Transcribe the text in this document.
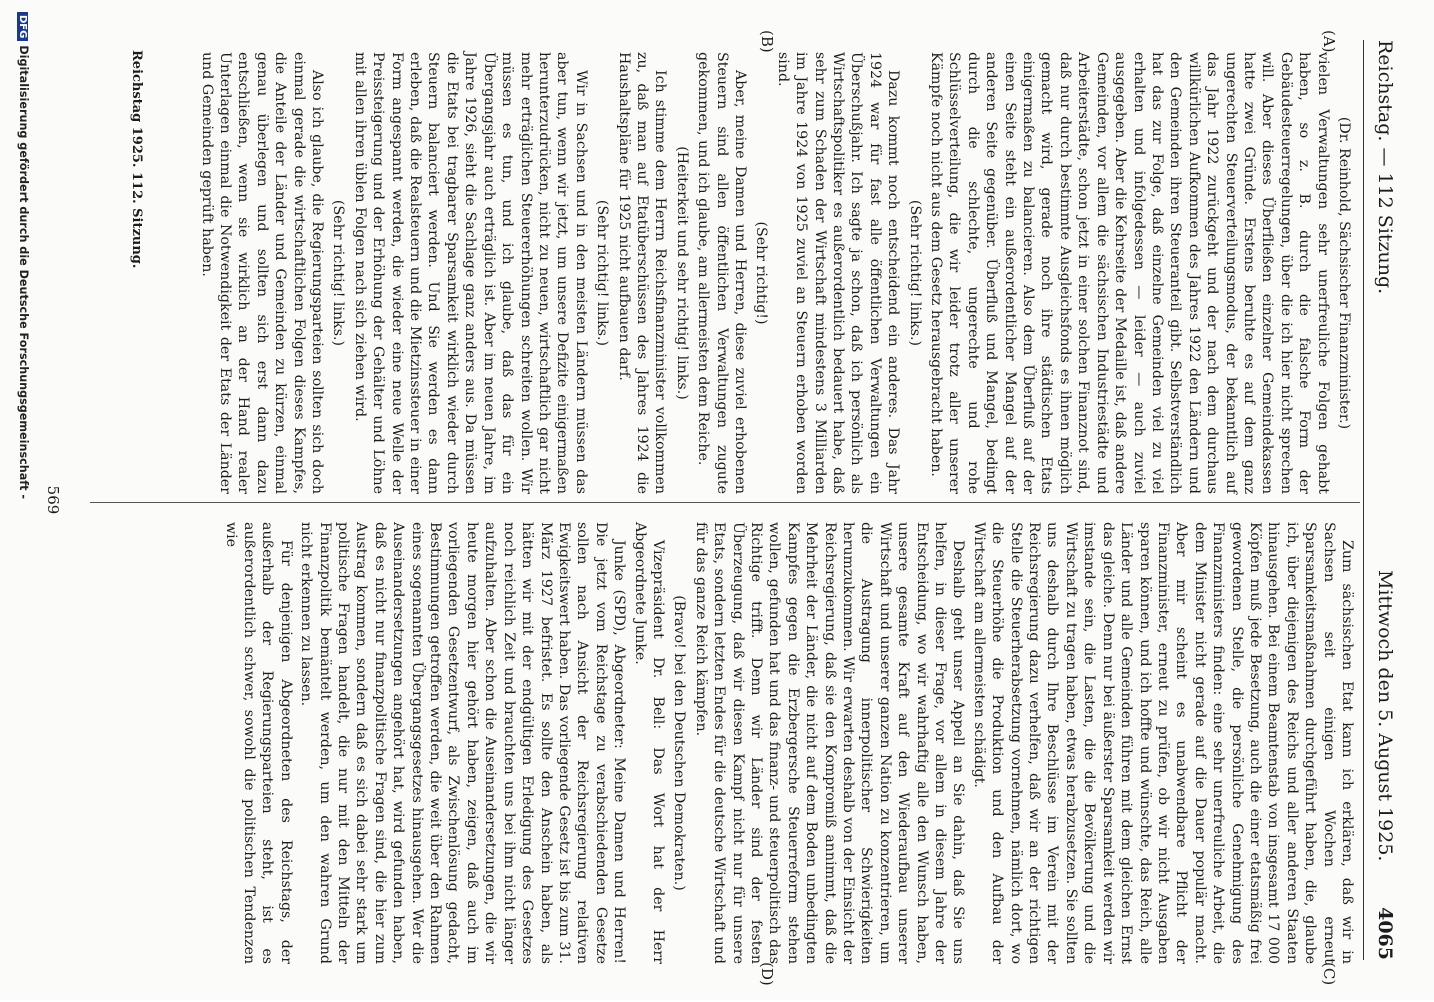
Reichstag. — 112 Sitzung.
Mittwoch den 5. August 1925.
4065
(A)
(B)
(C)
(D)

(Dr. Reinhold, Sächsischer Finanzminister.)

vielen Verwaltungen sehr unerfreuliche Folgen gehabt haben, so z. B. durch die falsche Form der Gebäudesteuerregelungen, über die ich hier nicht sprechen will. Aber dieses Überfließen einzelner Gemeindekassen hatte zwei Gründe. Erstens beruhte es auf dem ganz ungerechten Steuerverteilungsmodus, der bekanntlich auf das Jahr 1922 zurückgeht und der nach dem durchaus willkürlichen Aufkommen des Jahres 1922 den Ländern und den Gemeinden ihren Steueranteil gibt. Selbstverständlich hat das zur Folge, daß einzelne Gemeinden viel zu viel erhalten und infolgedessen — leider — auch zuviel ausgegeben. Aber die Kehrseite der Medaille ist, daß andere Gemeinden, vor allem die sächsischen Industriestädte und Arbeiterstädte, schon jetzt in einer solchen Finanznot sind, daß nur durch bestimmte Ausgleichsfonds es ihnen möglich gemacht wird, gerade noch ihre städtischen Etats einigermaßen zu balancieren. Also dem Überfluß auf der einen Seite steht ein außerordentlicher Mangel auf der anderen Seite gegenüber. Überfluß und Mangel, bedingt durch die schlechte, ungerechte und rohe Schlüsselverteilung, die wir leider trotz aller unserer Kämpfe noch nicht aus dem Gesetz herausgebracht haben.

(Sehr richtig! links.)

Dazu kommt noch entscheidend ein anderes. Das Jahr 1924 war für fast alle öffentlichen Verwaltungen ein Überschußjahr. Ich sagte ja schon, daß ich persönlich als Wirtschaftspolitiker es außerordentlich bedauert habe, daß sehr zum Schaden der Wirtschaft mindestens 3 Milliarden im Jahre 1924 von 1925 zuviel an Steuern erhoben worden sind.

(Sehr richtig!)

Aber, meine Damen und Herren, diese zuviel erhobenen Steuern sind allen öffentlichen Verwaltungen zugute gekommen, und ich glaube, am allermeisten dem Reiche.

(Heiterkeit und sehr richtig! links.)

Ich stimme dem Herrn Reichsfinanzminister vollkommen zu, daß man auf Etatüberschüssen des Jahres 1924 die Haushaltspläne für 1925 nicht aufbauen darf.

(Sehr richtig! links.)

Wir in Sachsen und in den meisten Ländern müssen das aber tun, wenn wir jetzt, um unsere Defizite einigermaßen herunterzudrücken, nicht zu neuen, wirtschaftlich gar nicht mehr erträglichen Steuererhöhungen schreiten wollen. Wir müssen es tun, und ich glaube, daß das für ein Übergangsjahr auch erträglich ist. Aber im neuen Jahre, im Jahre 1926, sieht die Sachlage ganz anders aus. Da müssen die Etats bei tragbarer Sparsamkeit wirklich wieder durch Steuern balanciert werden. Und Sie werden es dann erleben, daß die Realsteuern und die Mietzinssteuer in einer Form angespannt werden, die wieder eine neue Welle der Preissteigerung und der Erhöhung der Gehälter und Löhne mit allen ihren üblen Folgen nach sich ziehen wird.

(Sehr richtig! links.)

Also ich glaube, die Regierungsparteien sollten sich doch einmal gerade die wirtschaftlichen Folgen dieses Kampfes, die Anteile der Länder und Gemeinden zu kürzen, einmal genau überlegen und sollten sich erst dann dazu entschließen, wenn sie wirklich an der Hand realer Unterlagen einmal die Notwendigkeit der Etats der Länder und Gemeinden geprüft haben.

Zum sächsischen Etat kann ich erklären, daß wir in Sachsen seit einigen Wochen erneut Sparsamkeitsmaßnahmen durchgeführt haben, die, glaube ich, über diejenigen des Reichs und aller anderen Staaten hinausgehen. Bei einem Beamtenstab von insgesamt 17 000 Köpfen muß jede Besetzung, auch die einer etatsmäßig frei gewordenen Stelle, die persönliche Genehmigung des Finanzministers finden: eine sehr unerfreuliche Arbeit, die dem Minister nicht gerade auf die Dauer populär macht. Aber mir scheint es unabwendbare Pflicht der Finanzminister, erneut zu prüfen, ob wir nicht Ausgaben sparen können, und ich hoffte und wünschte, das Reich, alle Länder und alle Gemeinden führen mit dem gleichen Ernst das gleiche. Denn nur bei äußerster Sparsamkeit werden wir imstande sein, die Lasten, die die Bevölkerung und die Wirtschaft zu tragen haben, etwas herabzusetzen. Sie sollten uns deshalb durch Ihre Beschlüsse im Verein mit der Reichsregierung dazu verhelfen, daß wir an der richtigen Stelle die Steuerherabsetzung vornehmen, nämlich dort, wo die Steuerhöhe die Produktion und den Aufbau der Wirtschaft am allermeisten schädigt.

Deshalb geht unser Appell an Sie dahin, daß Sie uns helfen, in dieser Frage, vor allem in diesem Jahre der Entscheidung, wo wir wahrhaftig alle den Wunsch haben, unsere gesamte Kraft auf den Wiederaufbau unserer Wirtschaft und unserer ganzen Nation zu konzentrieren, um die Austragung innerpolitischer Schwierigkeiten herumzukommen. Wir erwarten deshalb von der Einsicht der Reichsregierung, daß sie den Kompromiß annimmt, daß die Mehrheit der Länder, die nicht auf dem Boden unbedingten Kampfes gegen die Erzbergersche Steuerreform stehen wollen, gefunden hat und das finanz- und steuerpolitisch das Richtige trifft. Denn wir Länder sind der festen Überzeugung, daß wir diesen Kampf nicht nur für unsere Etats, sondern letzten Endes für die deutsche Wirtschaft und für das ganze Reich kämpfen.

(Bravo! bei den Deutschen Demokraten.)

Vizepräsident Dr. Bell: Das Wort hat der Herr Abgeordnete Junke.

Junke (SPD), Abgeordneter: Meine Damen und Herren! Die jetzt vom Reichstage zu verabschiedenden Gesetze sollen nach Ansicht der Reichsregierung relativen Ewigkeitswert haben. Das vorliegende Gesetz ist bis zum 31. März 1927 befristet. Es sollte den Anschein haben, als hätten wir mit der endgültigen Erledigung des Gesetzes noch reichlich Zeit und brauchten uns bei ihm nicht länger aufzuhalten. Aber schon die Auseinandersetzungen, die wir heute morgen hier gehört haben, zeigen, daß auch im vorliegenden Gesetzentwurf, als Zwischenlösung gedacht, Bestimmungen getroffen werden, die weit über den Rahmen eines sogenannten Übergangsgesetzes hinausgehen. Wer die Auseinandersetzungen angehört hat, wird gefunden haben, daß es nicht nur finanzpolitische Fragen sind, die hier zum Austrag kommen, sondern daß es sich dabei sehr stark um politische Fragen handelt, die nur mit den Mitteln der Finanzpolitik bemäntelt werden, um den wahren Grund nicht erkennen zu lassen.

Für denjenigen Abgeordneten des Reichstags, der außerhalb der Regierungsparteien steht, ist es außerordentlich schwer, sowohl die politischen Tendenzen wie

Reichstag 1925. 112. Sitzung.
569
DFGDigitalisierung gefördert durch die Deutsche Forschungsgemeinschaft -
